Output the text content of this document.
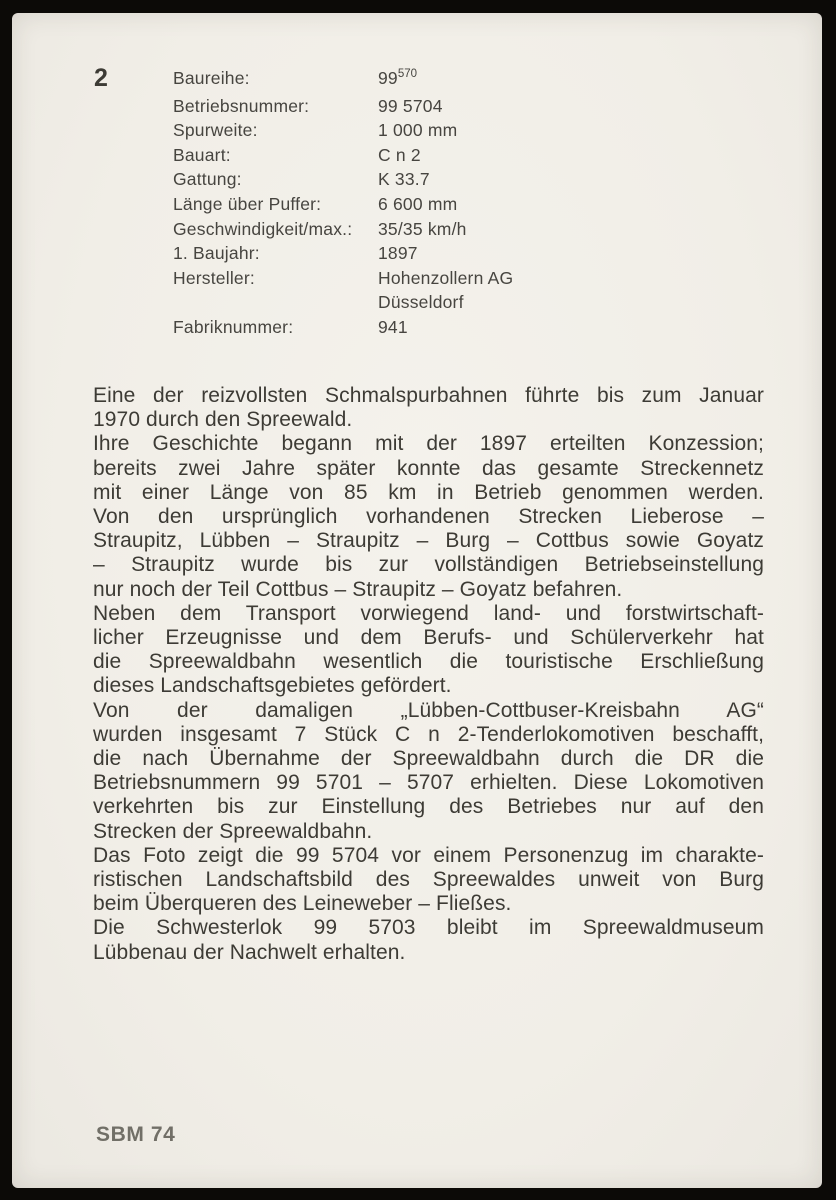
2	Baureihe:	$99^{570}$
Betriebsnummer:	99 5704
Spurweite:	1 000 mm
Bauart:	C n 2
Gattung:	K 33.7
Länge über Puffer:	6 600 mm
Geschwindigkeit/max.:	35/35 km/h
1. Baujahr:	1897
Hersteller:	Hohenzollern AG
Düsseldorf
Fabriknummer:	941
Eine der reizvollsten Schmalspurbahnen führte bis zum Januar
1970 durch den Spreewald.
Ihre Geschichte begann mit der 1897 erteilten Konzession;
bereits zwei Jahre später konnte das gesamte Streckennetz
mit einer Länge von 85 km in Betrieb genommen werden.
Von den ursprünglich vorhandenen Strecken Lieberose –
Straupitz, Lübben – Straupitz – Burg – Cottbus sowie Goyatz
– Straupitz wurde bis zur vollständigen Betriebseinstellung
nur noch der Teil Cottbus – Straupitz – Goyatz befahren.
Neben dem Transport vorwiegend land- und forstwirtschaft-
licher Erzeugnisse und dem Berufs- und Schülerverkehr hat
die Spreewaldbahn wesentlich die touristische Erschließung
dieses Landschaftsgebietes gefördert.
Von der damaligen „Lübben-Cottbuser-Kreisbahn AG“
wurden insgesamt 7 Stück C n 2-Tenderlokomotiven beschafft,
die nach Übernahme der Spreewaldbahn durch die DR die
Betriebsnummern 99 5701 – 5707 erhielten. Diese Lokomotiven
verkehrten bis zur Einstellung des Betriebes nur auf den
Strecken der Spreewaldbahn.
Das Foto zeigt die 99 5704 vor einem Personenzug im charakte-
ristischen Landschaftsbild des Spreewaldes unweit von Burg
beim Überqueren des Leineweber – Fließes.
Die Schwesterlok 99 5703 bleibt im Spreewaldmuseum
Lübbenau der Nachwelt erhalten.
SBM 74
